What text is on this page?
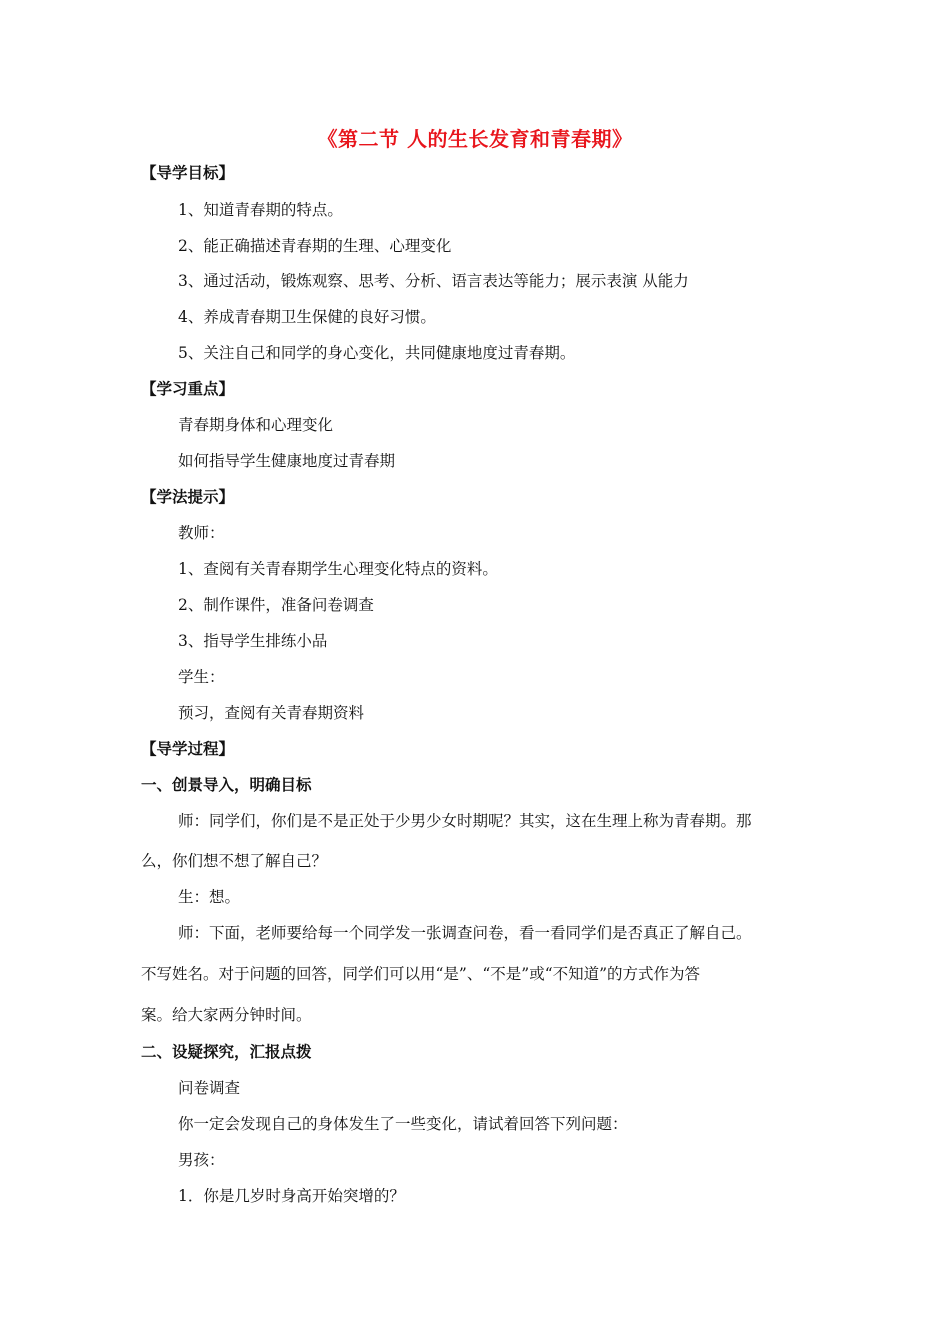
《第二节 人的生长发育和青春期》
【导学目标】
1、知道青春期的特点。
2、能正确描述青春期的生理、心理变化
3、通过活动，锻炼观察、思考、分析、语言表达等能力；展示表演 从能力
4、养成青春期卫生保健的良好习惯。
5、关注自己和同学的身心变化，共同健康地度过青春期。
【学习重点】
青春期身体和心理变化
如何指导学生健康地度过青春期
【学法提示】
教师：
1、查阅有关青春期学生心理变化特点的资料。
2、制作课件，准备问卷调查
3、指导学生排练小品
学生：
预习，查阅有关青春期资料
【导学过程】
一、创景导入，明确目标
师：同学们，你们是不是正处于少男少女时期呢？其实，这在生理上称为青春期。那
么，你们想不想了解自己？
生：想。
师：下面，老师要给每一个同学发一张调查问卷，看一看同学们是否真正了解自己。
不写姓名。对于问题的回答，同学们可以用“是”、“不是”或“不知道”的方式作为答
案。给大家两分钟时间。
二、设疑探究，汇报点拨
问卷调查
你一定会发现自己的身体发生了一些变化，请试着回答下列问题：
男孩：
1．你是几岁时身高开始突增的？
